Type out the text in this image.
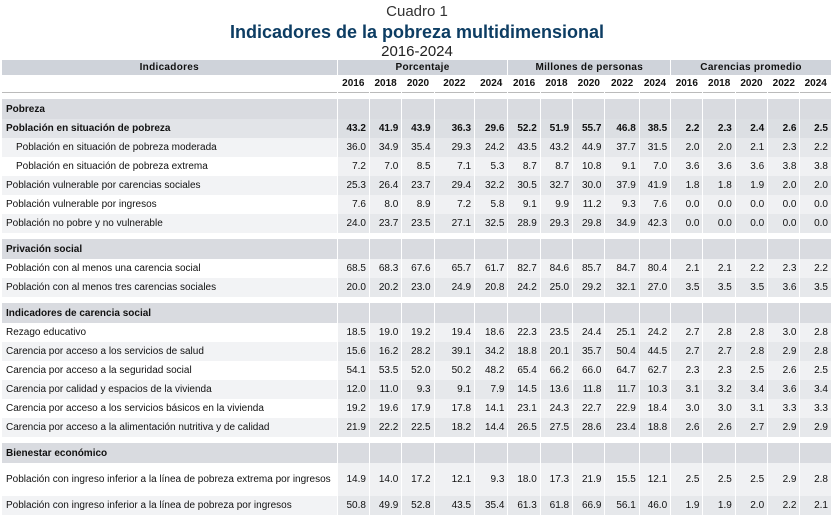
Cuadro 1
Indicadores de la pobreza multidimensional
2016-2024
Indicadores	Porcentaje					Millones de personas					Carencias promedio				
	2016	2018	2020	2022	2024	2016	2018	2020	2022	2024	2016	2018	2020	2022	2024

Pobreza															
Población en situación de pobreza	43.2	41.9	43.9	36.3	29.6	52.2	51.9	55.7	46.8	38.5	2.2	2.3	2.4	2.6	2.5
Población en situación de pobreza moderada	36.0	34.9	35.4	29.3	24.2	43.5	43.2	44.9	37.7	31.5	2.0	2.0	2.1	2.3	2.2
Población en situación de pobreza extrema	7.2	7.0	8.5	7.1	5.3	8.7	8.7	10.8	9.1	7.0	3.6	3.6	3.6	3.8	3.8
Población vulnerable por carencias sociales	25.3	26.4	23.7	29.4	32.2	30.5	32.7	30.0	37.9	41.9	1.8	1.8	1.9	2.0	2.0
Población vulnerable por ingresos	7.6	8.0	8.9	7.2	5.8	9.1	9.9	11.2	9.3	7.6	0.0	0.0	0.0	0.0	0.0
Población no pobre y no vulnerable	24.0	23.7	23.5	27.1	32.5	28.9	29.3	29.8	34.9	42.3	0.0	0.0	0.0	0.0	0.0

Privación social															
Población con al menos una carencia social	68.5	68.3	67.6	65.7	61.7	82.7	84.6	85.7	84.7	80.4	2.1	2.1	2.2	2.3	2.2
Población con al menos tres carencias sociales	20.0	20.2	23.0	24.9	20.8	24.2	25.0	29.2	32.1	27.0	3.5	3.5	3.5	3.6	3.5

Indicadores de carencia social															
Rezago educativo	18.5	19.0	19.2	19.4	18.6	22.3	23.5	24.4	25.1	24.2	2.7	2.8	2.8	3.0	2.8
Carencia por acceso a los servicios de salud	15.6	16.2	28.2	39.1	34.2	18.8	20.1	35.7	50.4	44.5	2.7	2.7	2.8	2.9	2.8
Carencia por acceso a la seguridad social	54.1	53.5	52.0	50.2	48.2	65.4	66.2	66.0	64.7	62.7	2.3	2.3	2.5	2.6	2.5
Carencia por calidad y espacios de la vivienda	12.0	11.0	9.3	9.1	7.9	14.5	13.6	11.8	11.7	10.3	3.1	3.2	3.4	3.6	3.4
Carencia por acceso a los servicios básicos en la vivienda	19.2	19.6	17.9	17.8	14.1	23.1	24.3	22.7	22.9	18.4	3.0	3.0	3.1	3.3	3.3
Carencia por acceso a la alimentación nutritiva y de calidad	21.9	22.2	22.5	18.2	14.4	26.5	27.5	28.6	23.4	18.8	2.6	2.6	2.7	2.9	2.9

Bienestar económico															
Población con ingreso inferior a la línea de pobreza extrema por ingresos	14.9	14.0	17.2	12.1	9.3	18.0	17.3	21.9	15.5	12.1	2.5	2.5	2.5	2.9	2.8
Población con ingreso inferior a la línea de pobreza por ingresos	50.8	49.9	52.8	43.5	35.4	61.3	61.8	66.9	56.1	46.0	1.9	1.9	2.0	2.2	2.1
